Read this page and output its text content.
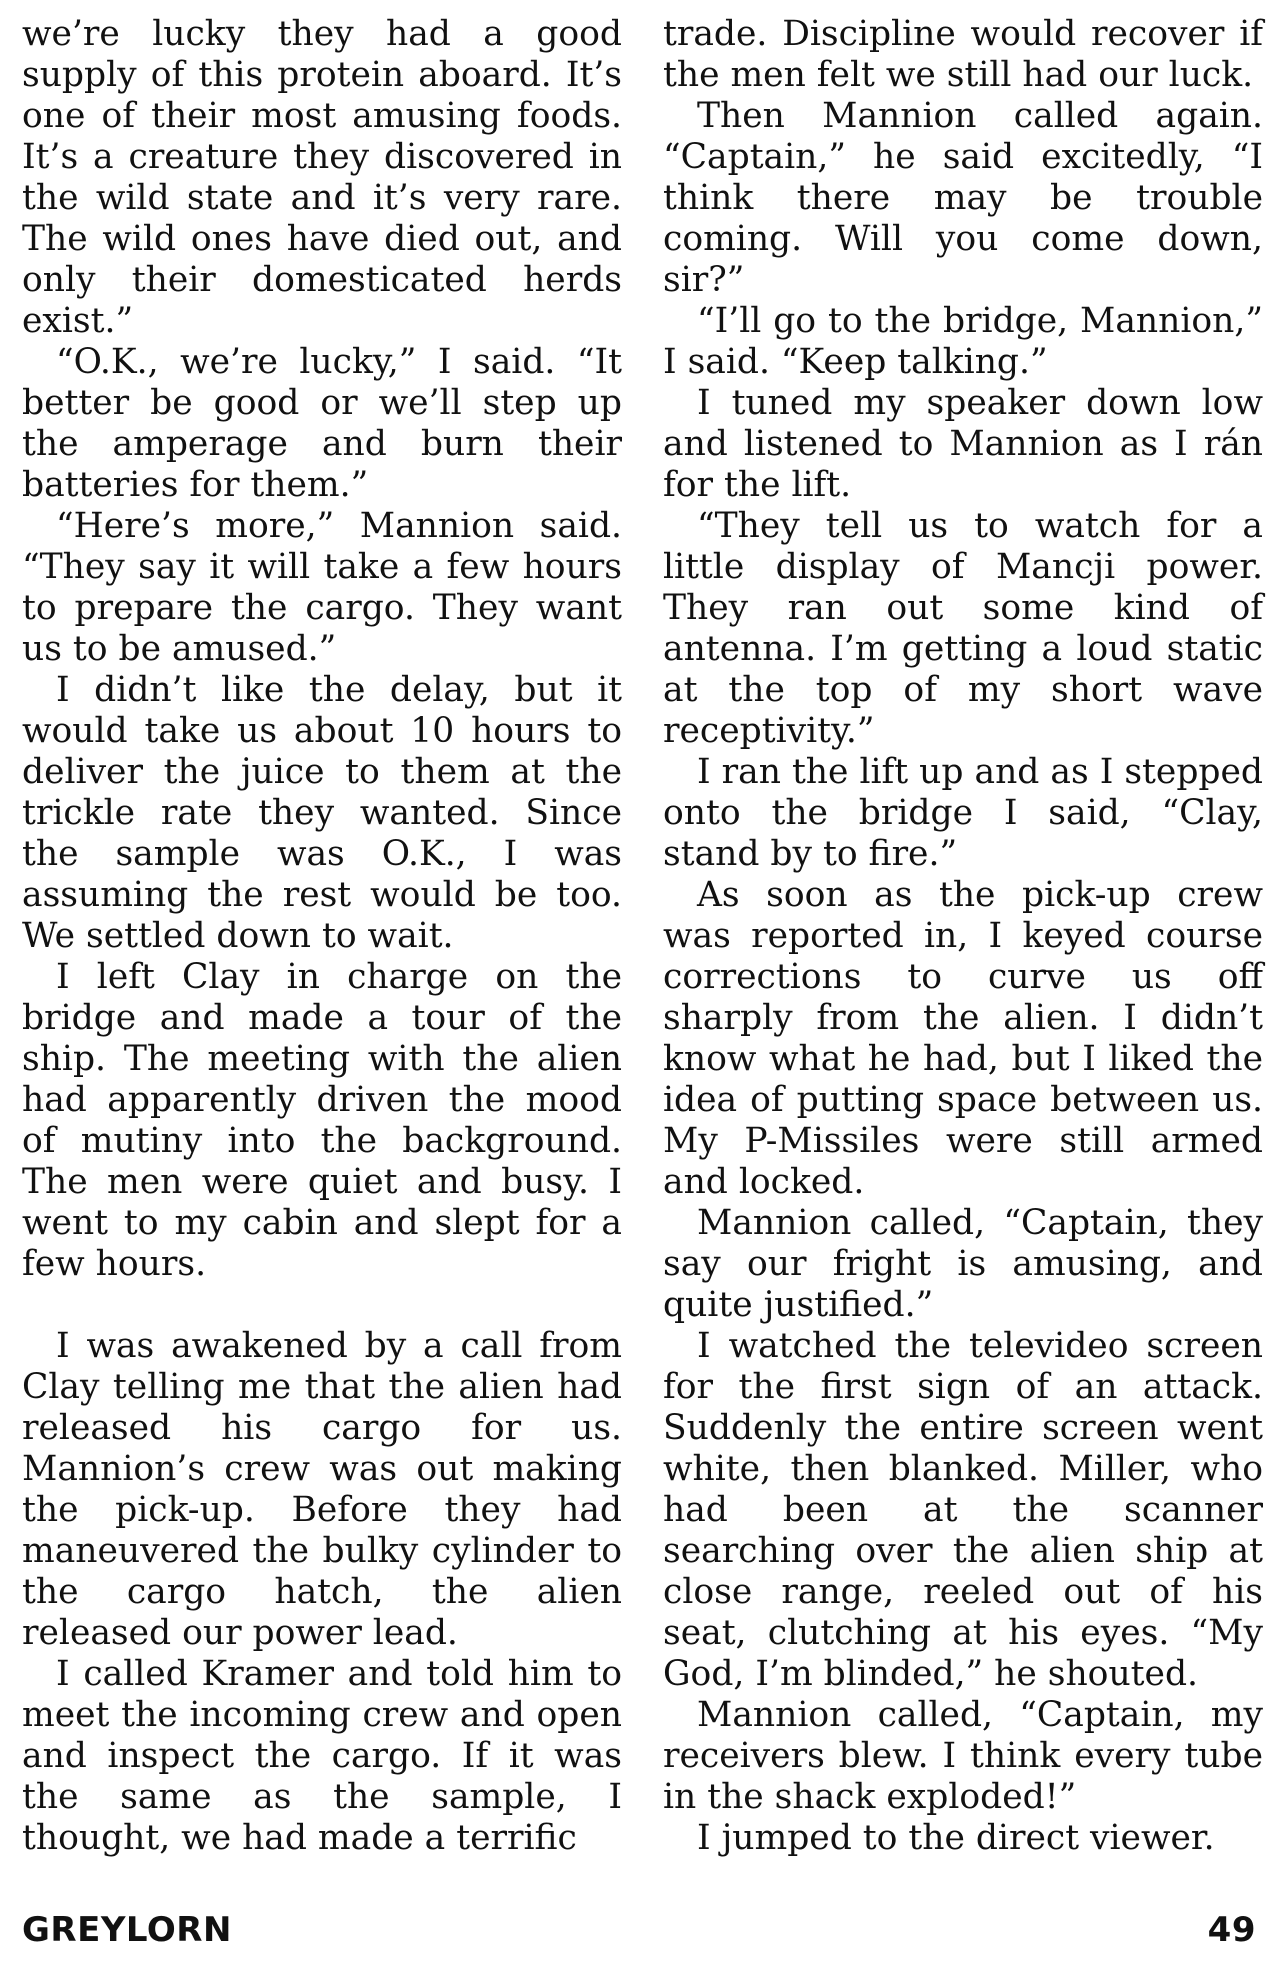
we’re lucky they had a good supply of this protein aboard. It’s one of their most amusing foods. It’s a creature they discovered in the wild state and it’s very rare. The wild ones have died out, and only their domesticated herds exist.”

“O.K., we’re lucky,” I said. “It better be good or we’ll step up the amperage and burn their batteries for them.”

“Here’s more,” Mannion said. “They say it will take a few hours to prepare the cargo. They want us to be amused.”

I didn’t like the delay, but it would take us about 10 hours to deliver the juice to them at the trickle rate they wanted. Since the sample was O.K., I was assuming the rest would be too. We settled down to wait.

I left Clay in charge on the bridge and made a tour of the ship. The meeting with the alien had apparently driven the mood of mutiny into the background. The men were quiet and busy. I went to my cabin and slept for a few hours.

I was awakened by a call from Clay telling me that the alien had released his cargo for us. Mannion’s crew was out making the pick-up. Before they had maneuvered the bulky cylinder to the cargo hatch, the alien released our power lead.

I called Kramer and told him to meet the incoming crew and open and inspect the cargo. If it was the same as the sample, I thought, we had made a terrific

trade. Discipline would recover if the men felt we still had our luck.

Then Mannion called again. “Captain,” he said excitedly, “I think there may be trouble coming. Will you come down, sir?”

“I’ll go to the bridge, Mannion,” I said. “Keep talking.”

I tuned my speaker down low and listened to Mannion as I rán for the lift.

“They tell us to watch for a little display of Mancji power. They ran out some kind of antenna. I’m getting a loud static at the top of my short wave receptivity.”

I ran the lift up and as I stepped onto the bridge I said, “Clay, stand by to fire.”

As soon as the pick-up crew was reported in, I keyed course corrections to curve us off sharply from the alien. I didn’t know what he had, but I liked the idea of putting space between us. My P-Missiles were still armed and locked.

Mannion called, “Captain, they say our fright is amusing, and quite justified.”

I watched the televideo screen for the first sign of an attack. Suddenly the entire screen went white, then blanked. Miller, who had been at the scanner searching over the alien ship at close range, reeled out of his seat, clutching at his eyes. “My God, I’m blinded,” he shouted.

Mannion called, “Captain, my receivers blew. I think every tube in the shack exploded!”

I jumped to the direct viewer.

GREYLORN	49
